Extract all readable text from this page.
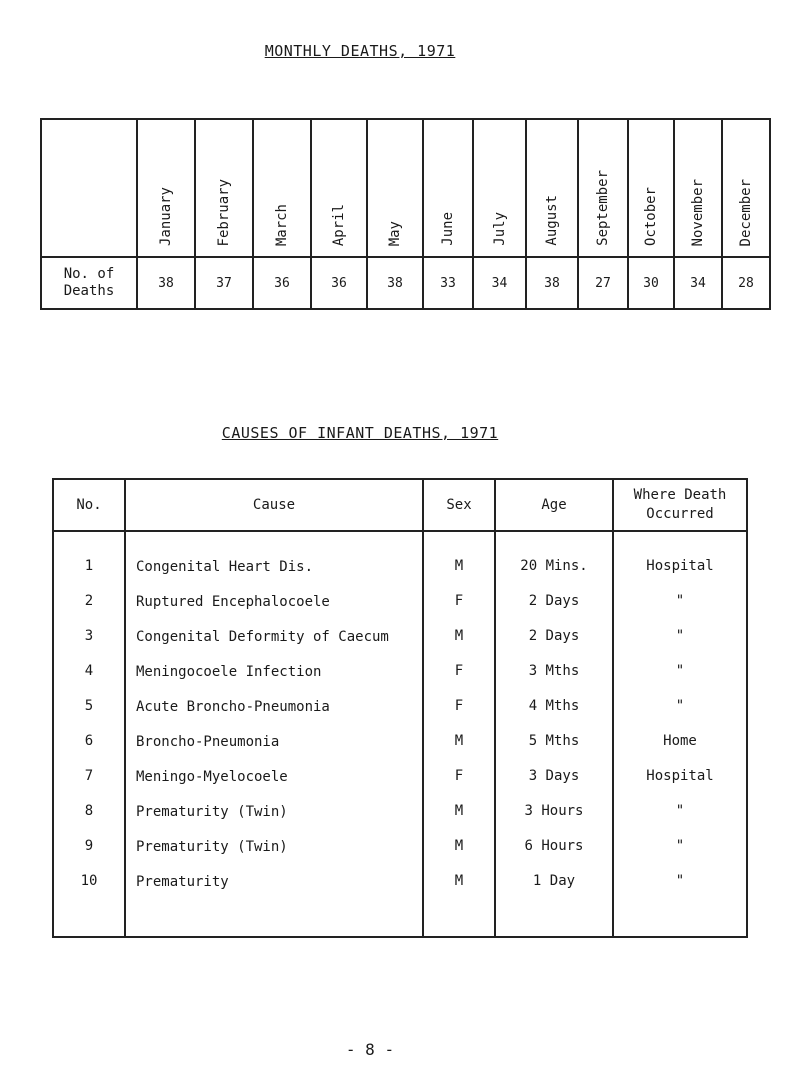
MONTHLY DEATHS, 1971
	January	February	March	April	May	June	July	August	September	October	November	December
No. of Deaths	38	37	36	36	38	33	34	38	27	30	34	28
CAUSES OF INFANT DEATHS, 1971
No.	Cause	Sex	Age	Where Death Occurred
1	Congenital Heart Dis.	M	20 Mins.	Hospital
2	Ruptured Encephalocoele	F	2 Days	"
3	Congenital Deformity of Caecum	M	2 Days	"
4	Meningocoele Infection	F	3 Mths	"
5	Acute Broncho-Pneumonia	F	4 Mths	"
6	Broncho-Pneumonia	M	5 Mths	Home
7	Meningo-Myelocoele	F	3 Days	Hospital
8	Prematurity (Twin)	M	3 Hours	"
9	Prematurity (Twin)	M	6 Hours	"
10	Prematurity	M	1 Day	"
- 8 -
